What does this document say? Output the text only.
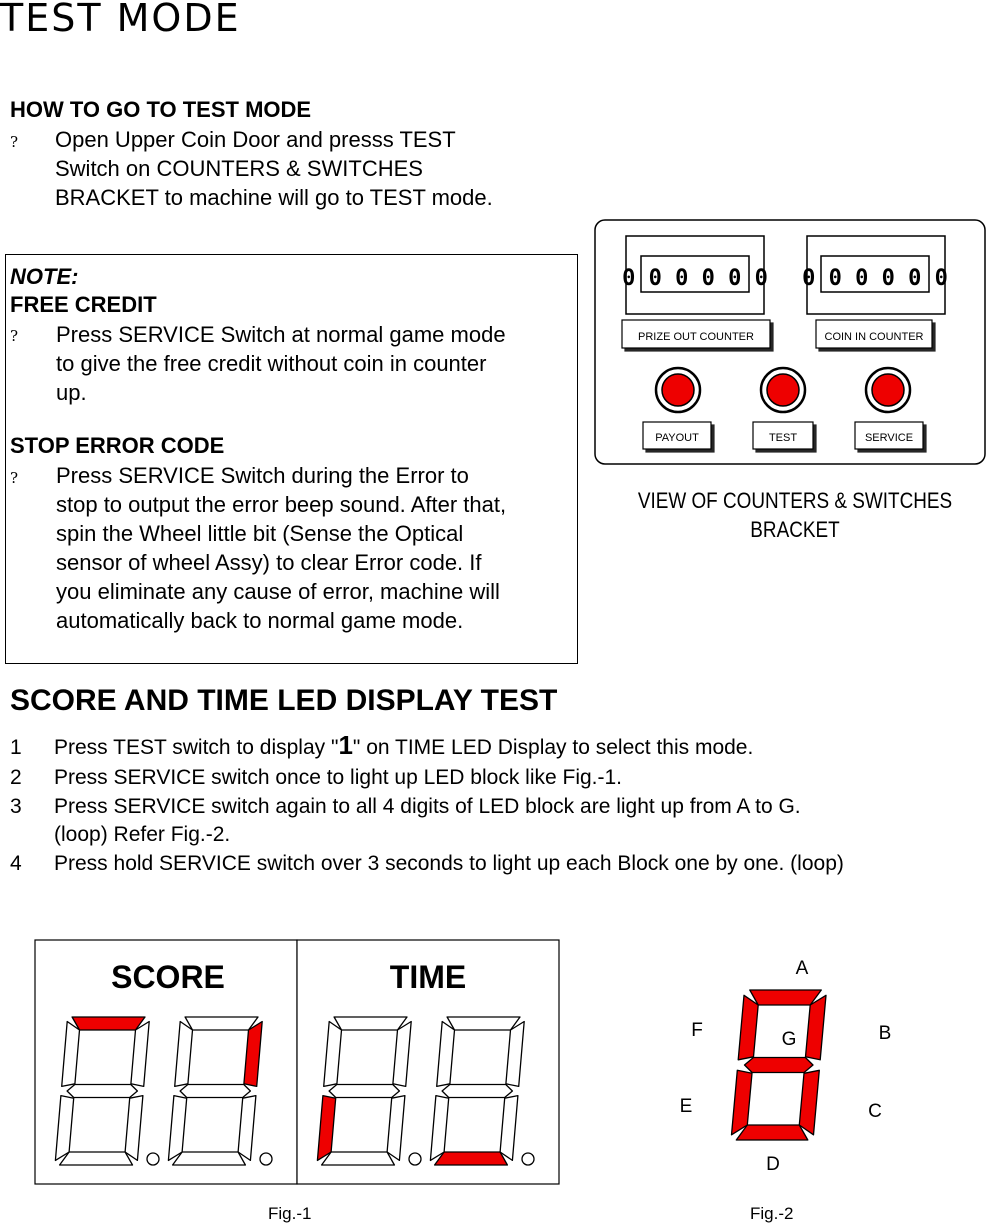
TEST MODE
HOW TO GO TO TEST MODE
? Open Upper Coin Door and presss TEST
Switch on COUNTERS & SWITCHES
BRACKET to machine will go to TEST mode.
NOTE:
FREE CREDIT
? Press SERVICE Switch at normal game mode
to give the free credit without coin in counter
up.
STOP ERROR CODE
? Press SERVICE Switch during the Error to
stop to output the error beep sound. After that,
spin the Wheel little bit (Sense the Optical
sensor of wheel Assy) to clear Error code. If
you eliminate any cause of error, machine will
automatically back to normal game mode.
0 0 0 0 0 0 0 0 0 0 0 0
PRIZE OUT COUNTER	COIN IN COUNTER
PAYOUT	TEST	SERVICE
VIEW OF COUNTERS & SWITCHES
BRACKET
SCORE AND TIME LED DISPLAY TEST
1 Press TEST switch to display "1" on TIME LED Display to select this mode.
2 Press SERVICE switch once to light up LED block like Fig.-1.
3 Press SERVICE switch again to all 4 digits of LED block are light up from A to G.
(loop) Refer Fig.-2.
4 Press hold SERVICE switch over 3 seconds to light up each Block one by one. (loop)
SCORE	TIME
Fig.-1
A
B
C
D
E
F	G
Fig.-2
